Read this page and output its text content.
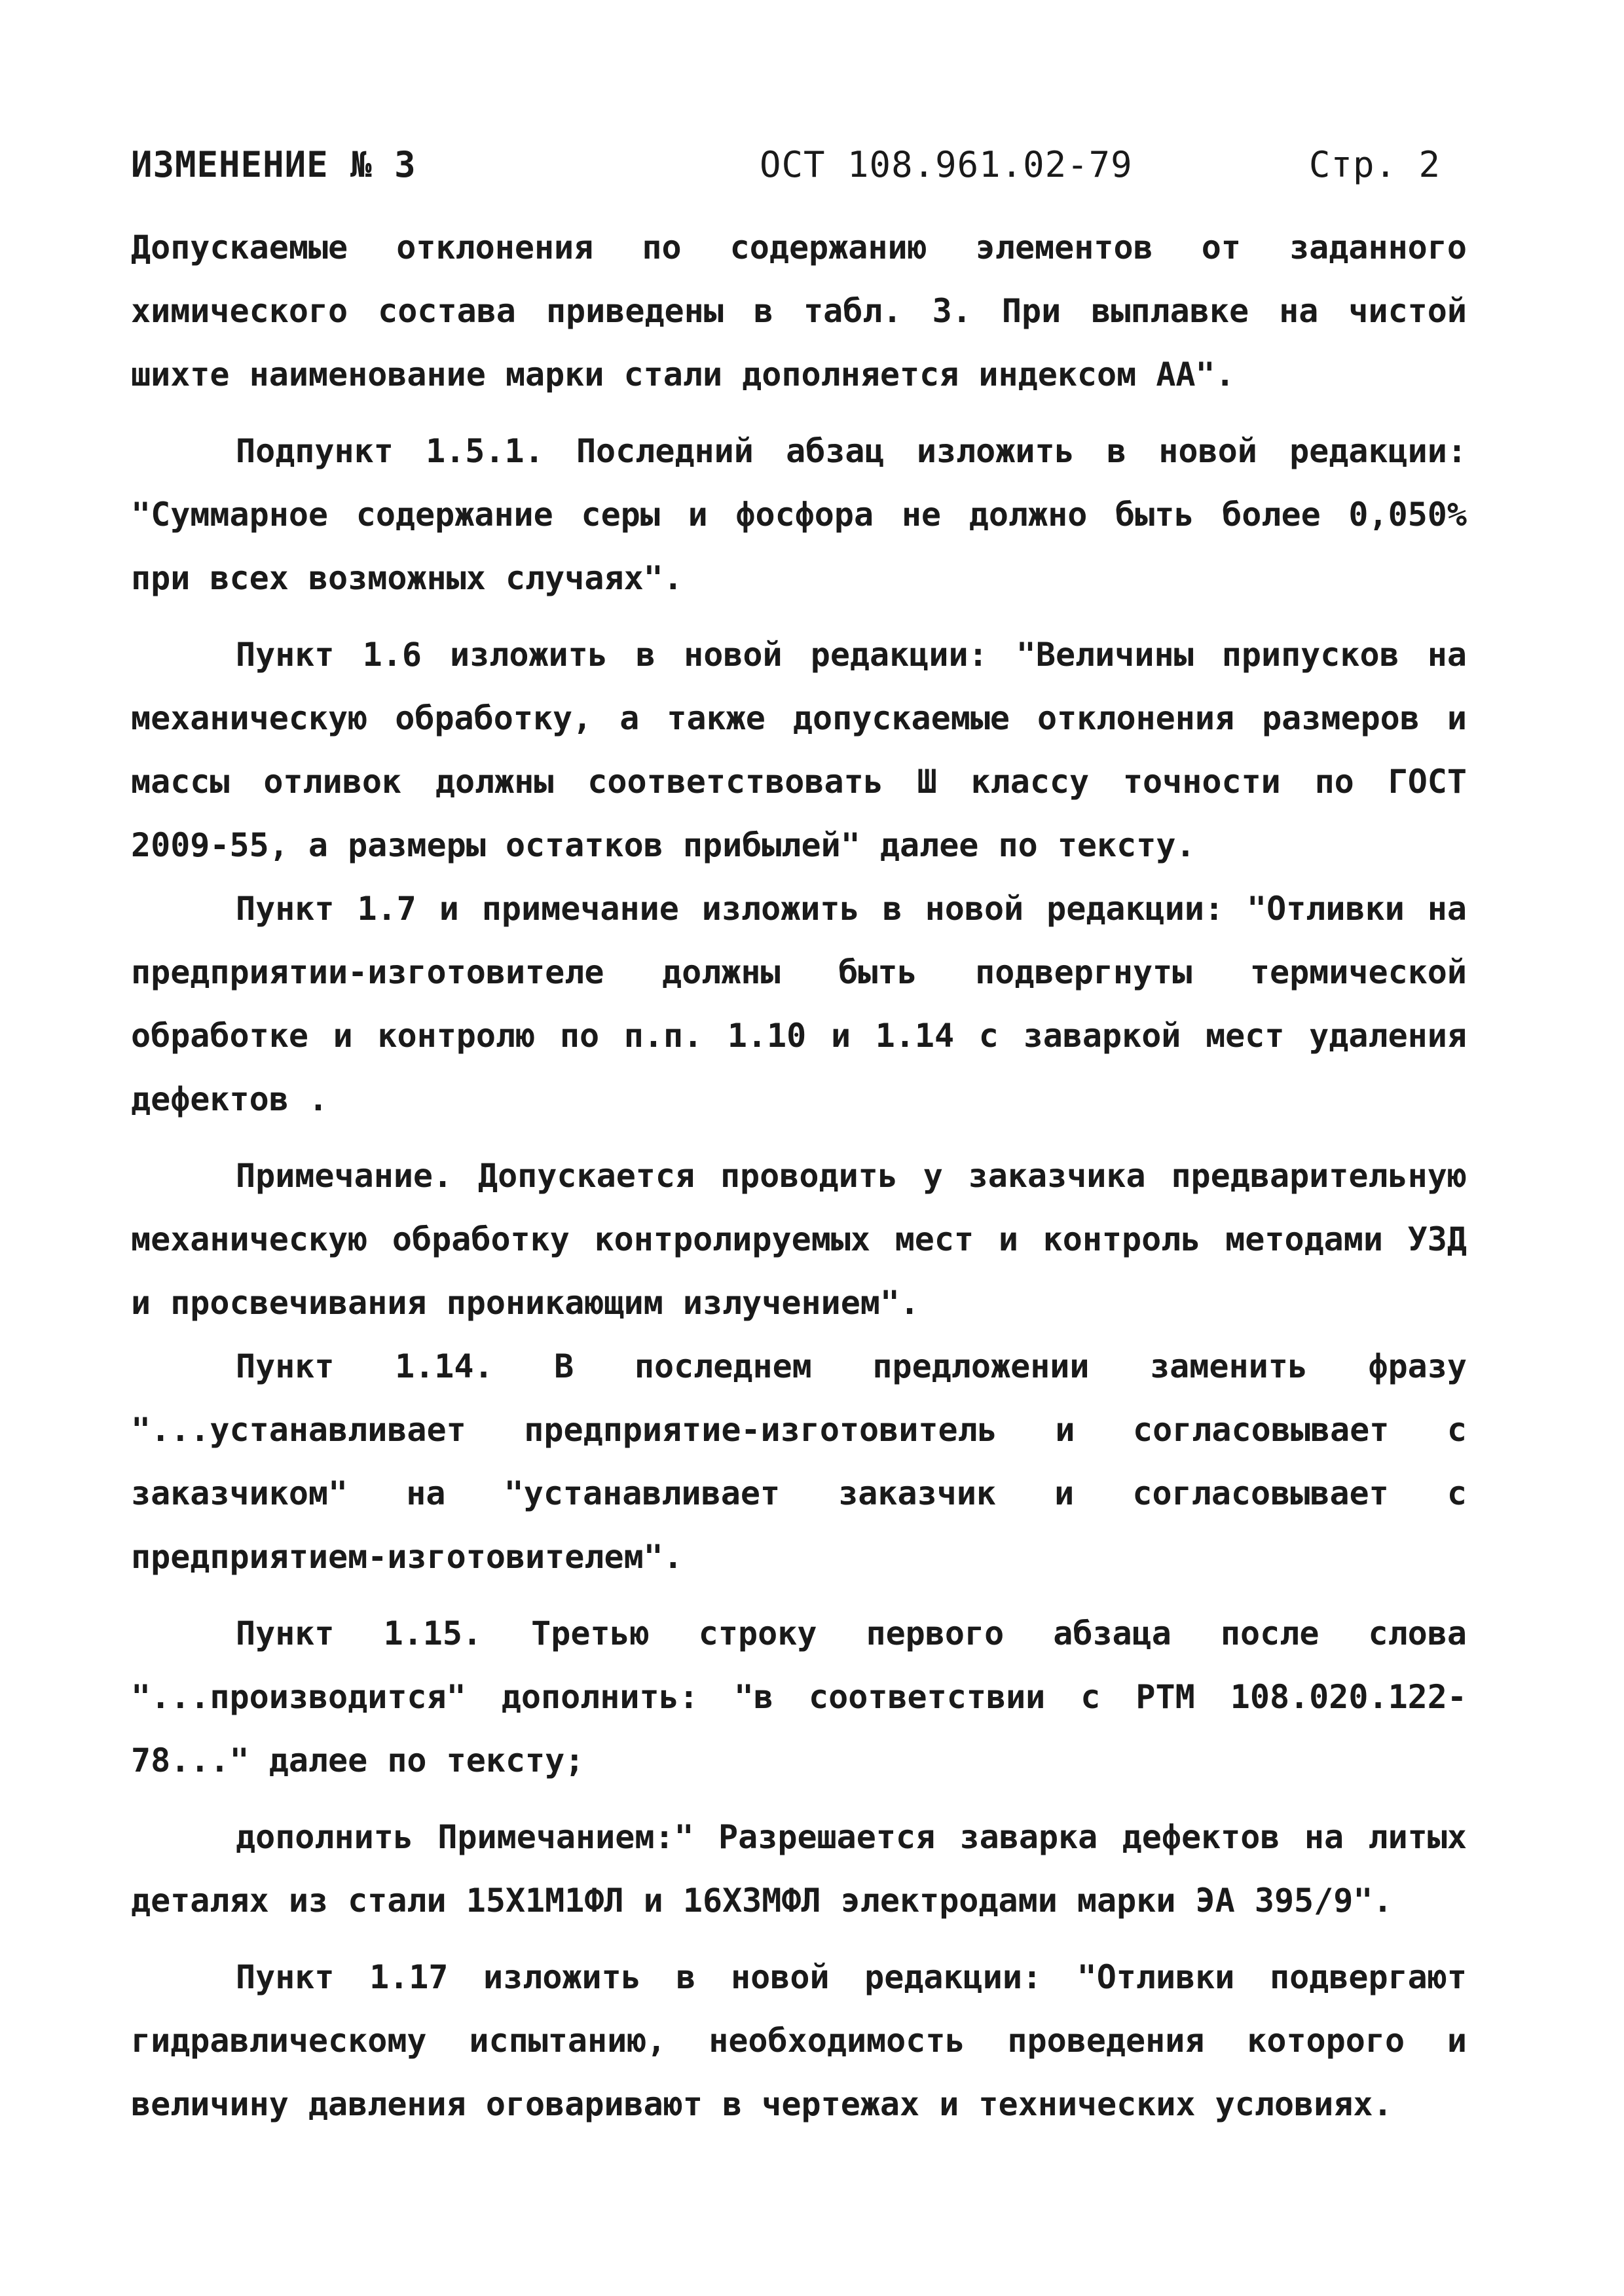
ИЗМЕНЕНИЕ № 3	ОСТ 108.961.02-79	Стр. 2

Допускаемые отклонения по содержанию элементов от заданного химического состава приведены в табл. 3. При выплавке на чистой шихте наименование марки стали дополняется индексом АА".

Подпункт 1.5.1. Последний абзац изложить в новой редакции: "Суммарное содержание серы и фосфора не должно быть более 0,050% при всех возможных случаях".

Пункт 1.6 изложить в новой редакции: "Величины припусков на механическую обработку, а также допускаемые отклонения размеров и массы отливок должны соответствовать Ш классу точности по ГОСТ 2009-55, а размеры остатков прибылей" далее по тексту.

Пункт 1.7 и примечание изложить в новой редакции: "Отливки на предприятии-изготовителе должны быть подвергнуты термической обработке и контролю по п.п. 1.10 и 1.14 с заваркой мест удаления дефектов .

Примечание. Допускается проводить у заказчика предварительную механическую обработку контролируемых мест и контроль методами УЗД и просвечивания проникающим излучением".

Пункт 1.14. В последнем предложении заменить фразу "...устанавливает предприятие-изготовитель и согласовывает с заказчиком" на "устанавливает заказчик и согласовывает с предприятием-изготовителем".

Пункт 1.15. Третью строку первого абзаца после слова "...производится" дополнить: "в соответствии с РТМ 108.020.122-78..." далее по тексту;

дополнить Примечанием:" Разрешается заварка дефектов на литых деталях из стали 15Х1М1ФЛ и 16Х3МФЛ электродами марки ЭА 395/9".

Пункт 1.17 изложить в новой редакции: "Отливки подвергают гидравлическому испытанию, необходимость проведения которого и величину давления оговаривают в чертежах и технических условиях.
